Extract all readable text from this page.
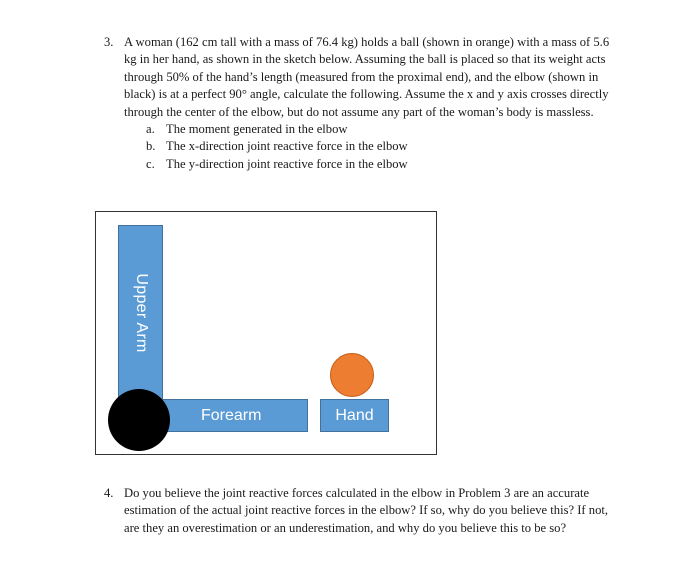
3. A woman (162 cm tall with a mass of 76.4 kg) holds a ball (shown in orange) with a mass of 5.6 kg in her hand, as shown in the sketch below. Assuming the ball is placed so that its weight acts through 50% of the hand’s length (measured from the proximal end), and the elbow (shown in black) is at a perfect 90° angle, calculate the following. Assume the x and y axis crosses directly through the center of the elbow, but do not assume any part of the woman’s body is massless.
a. The moment generated in the elbow
b. The x-direction joint reactive force in the elbow
c. The y-direction joint reactive force in the elbow
Upper Arm
Forearm	Hand
4. Do you believe the joint reactive forces calculated in the elbow in Problem 3 are an accurate estimation of the actual joint reactive forces in the elbow? If so, why do you believe this? If not, are they an overestimation or an underestimation, and why do you believe this to be so?
